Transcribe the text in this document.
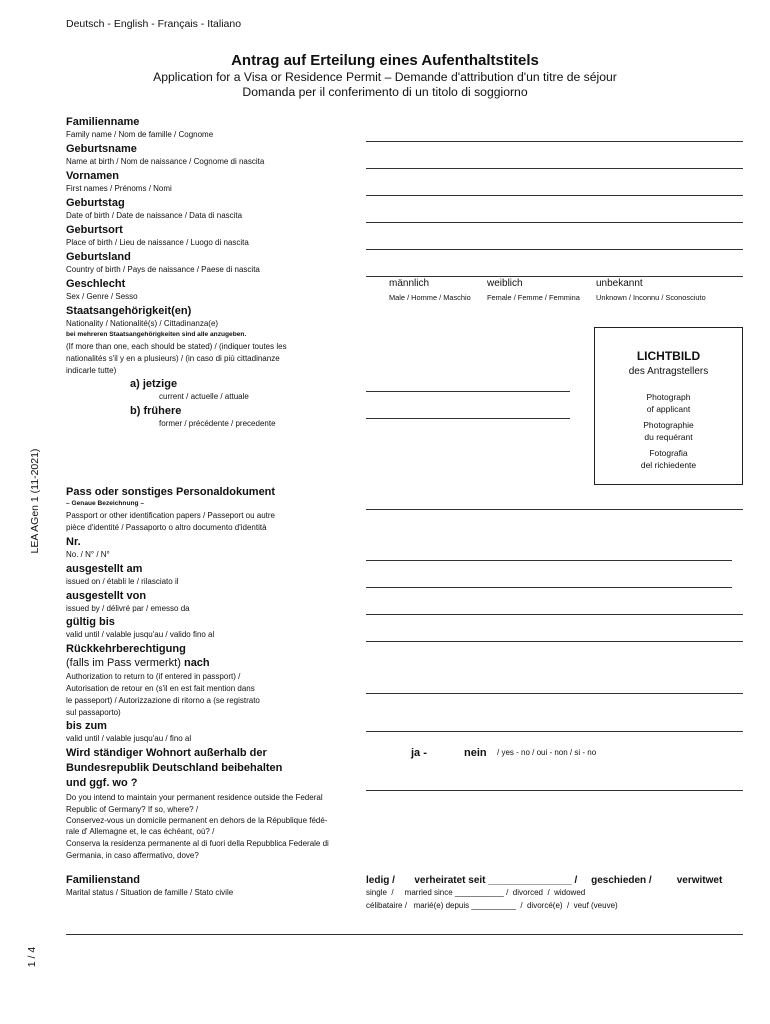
Deutsch - English - Français - Italiano
Antrag auf Erteilung eines Aufenthaltstitels
Application for a Visa or Residence Permit – Demande d'attribution d'un titre de séjour
Domanda per il conferimento di un titolo di soggiorno
LEA AGen 1 (11-2021)
1 / 4
Familienname
Family name / Nom de famille / Cognome
Geburtsname
Name at birth / Nom de naissance / Cognome di nascita
Vornamen
First names / Prénoms / Nomi
Geburtstag
Date of birth / Date de naissance / Data di nascita
Geburtsort
Place of birth / Lieu de naissance / Luogo di nascita
Geburtsland
Country of birth / Pays de naissance / Paese di nascita
Geschlecht
Sex / Genre / Sesso
männlich
Male / Homme / Maschio
weiblich
Female / Femme / Femmina
unbekannt
Unknown / Inconnu / Sconosciuto
Staatsangehörigkeit(en)
Nationality / Nationalité(s) / Cittadinanza(e)
bei mehreren Staatsangehörigkeiten sind alle anzugeben.
(If more than one, each should be stated) / (indiquer toutes les
nationalités s'il y en a plusieurs) / (in caso di più cittadinanze
indicarle tutte)
a) jetzige
current / actuelle / attuale
b) frühere
former / précédente / precedente
LICHTBILD
des Antragstellers
Photograph
of applicant
Photographie
du requérant
Fotografia
del richiedente
Pass oder sonstiges Personaldokument
– Genaue Bezeichnung –
Passport or other identification papers / Passeport ou autre
pièce d'identité / Passaporto o altro documento d'identità
Nr.
No. / N° / N°
ausgestellt am
issued on / établi le / rilasciato il
ausgestellt von
issued by / délivré par / emesso da
gültig bis
valid until / valable jusqu'au / valido fino al
Rückkehrberechtigung
(falls im Pass vermerkt) nach
Authorization to return to (if entered in passport) /
Autorisation de retour en (s'il en est fait mention dans
le passeport) / Autorizzazione di ritorno a (se registrato
sul passaporto)
bis zum
valid until / valable jusqu'au / fino al
Wird ständiger Wohnort außerhalb der
Bundesrepublik Deutschland beibehalten
und ggf. wo ?
ja -	nein / yes - no / oui - non / si - no
Do you intend to maintain your permanent residence outside the Federal
Republic of Germany? If so, where? /
Conservez-vous un domicile permanent en dehors de la République fédé-
rale d' Allemagne et, le cas échéant, où? /
Conserva la residenza permanente al di fuori della Repubblica Federale di
Germania, in caso affermativo, dove?
Familienstand
Marital status / Situation de famille / Stato civile
ledig /       verheiratet seit _______________ /     geschieden /         verwitwet
single  /     married since ___________ /  divorced  /  widowed
célibataire /   marié(e) depuis __________  /  divorcé(e)  /  veuf (veuve)
